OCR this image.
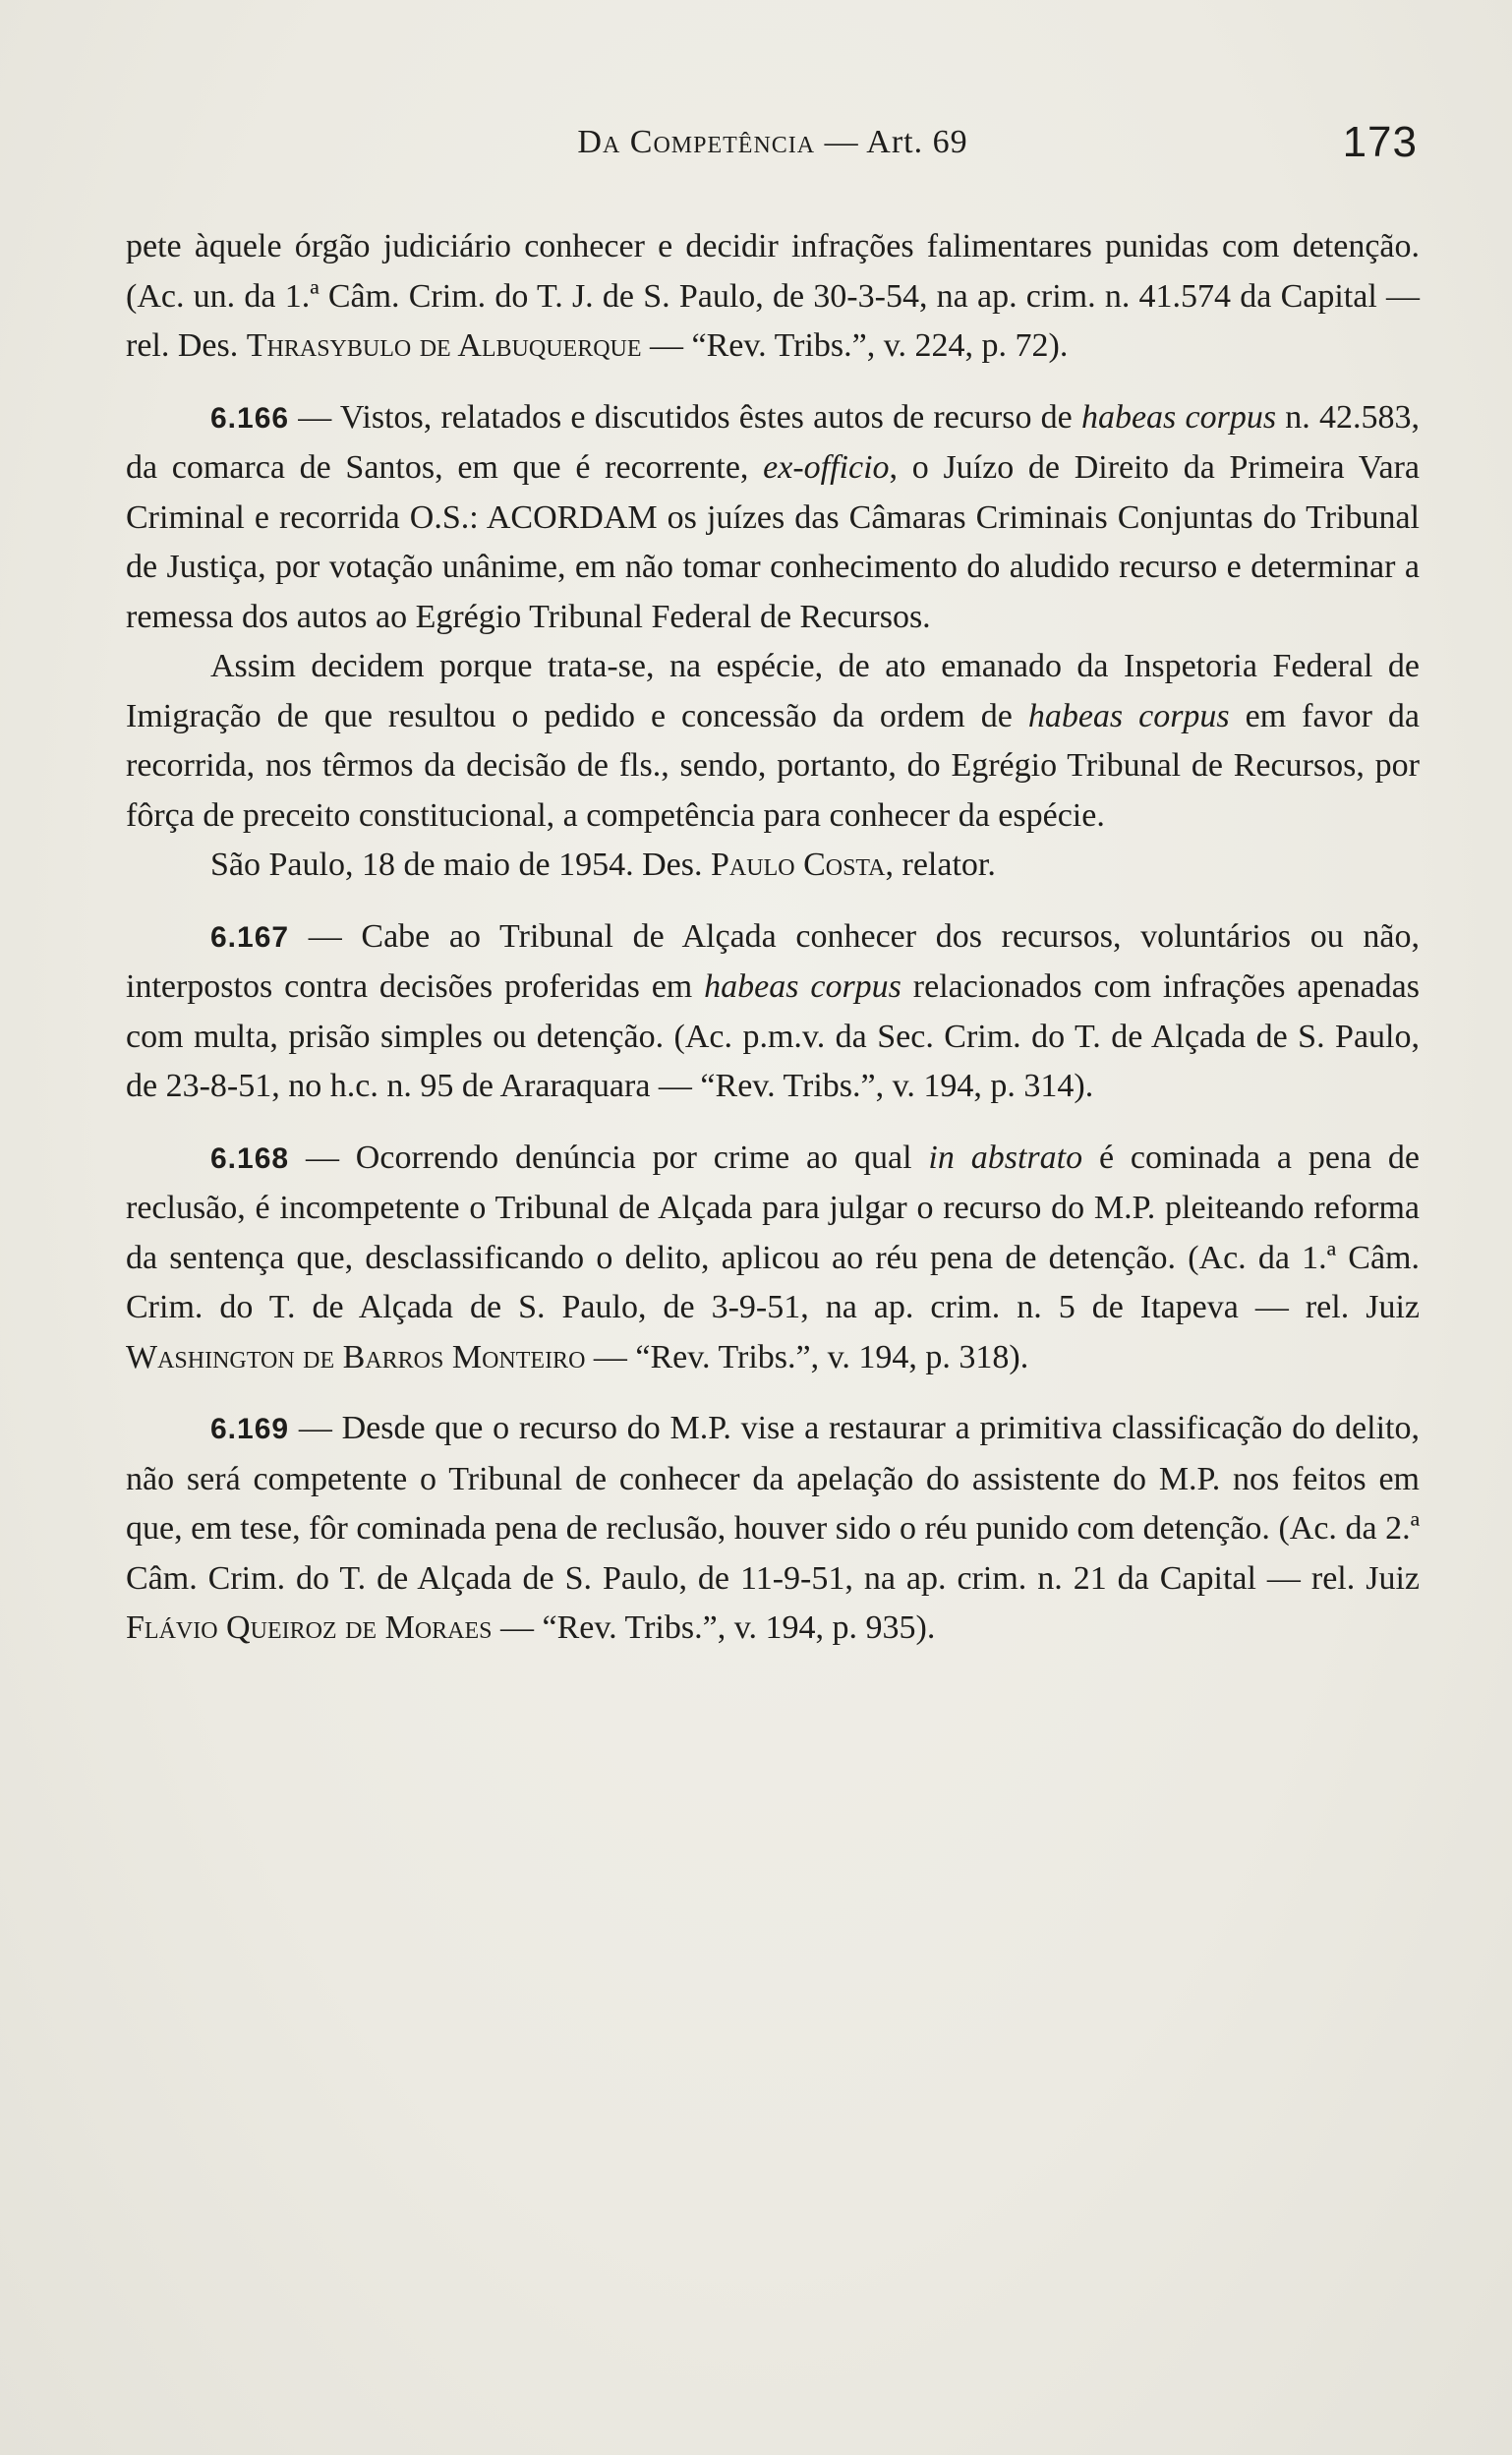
Da Competência — Art. 69	173

pete àquele órgão judiciário conhecer e decidir infrações falimentares punidas com detenção. (Ac. un. da 1.ª Câm. Crim. do T. J. de S. Paulo, de 30-3-54, na ap. crim. n. 41.574 da Capital — rel. Des. Thrasybulo de Albuquerque — “Rev. Tribs.”, v. 224, p. 72).

6.166 — Vistos, relatados e discutidos êstes autos de recurso de habeas corpus n. 42.583, da comarca de Santos, em que é recorrente, ex-officio, o Juízo de Direito da Primeira Vara Criminal e recorrida O.S.: ACORDAM os juízes das Câmaras Criminais Conjuntas do Tribunal de Justiça, por votação unânime, em não tomar conhecimento do aludido recurso e determinar a remessa dos autos ao Egrégio Tribunal Federal de Recursos.

Assim decidem porque trata-se, na espécie, de ato emanado da Inspetoria Federal de Imigração de que resultou o pedido e concessão da ordem de habeas corpus em favor da recorrida, nos têrmos da decisão de fls., sendo, portanto, do Egrégio Tribunal de Recursos, por fôrça de preceito constitucional, a competência para conhecer da espécie.

São Paulo, 18 de maio de 1954. Des. Paulo Costa, relator.

6.167 — Cabe ao Tribunal de Alçada conhecer dos recursos, voluntários ou não, interpostos contra decisões proferidas em habeas corpus relacionados com infrações apenadas com multa, prisão simples ou detenção. (Ac. p.m.v. da Sec. Crim. do T. de Alçada de S. Paulo, de 23-8-51, no h.c. n. 95 de Araraquara — “Rev. Tribs.”, v. 194, p. 314).

6.168 — Ocorrendo denúncia por crime ao qual in abstrato é cominada a pena de reclusão, é incompetente o Tribunal de Alçada para julgar o recurso do M.P. pleiteando reforma da sentença que, desclassificando o delito, aplicou ao réu pena de detenção. (Ac. da 1.ª Câm. Crim. do T. de Alçada de S. Paulo, de 3-9-51, na ap. crim. n. 5 de Itapeva — rel. Juiz Washington de Barros Monteiro — “Rev. Tribs.”, v. 194, p. 318).

6.169 — Desde que o recurso do M.P. vise a restaurar a primitiva classificação do delito, não será competente o Tribunal de conhecer da apelação do assistente do M.P. nos feitos em que, em tese, fôr cominada pena de reclusão, houver sido o réu punido com detenção. (Ac. da 2.ª Câm. Crim. do T. de Alçada de S. Paulo, de 11-9-51, na ap. crim. n. 21 da Capital — rel. Juiz Flávio Queiroz de Moraes — “Rev. Tribs.”, v. 194, p. 935).
